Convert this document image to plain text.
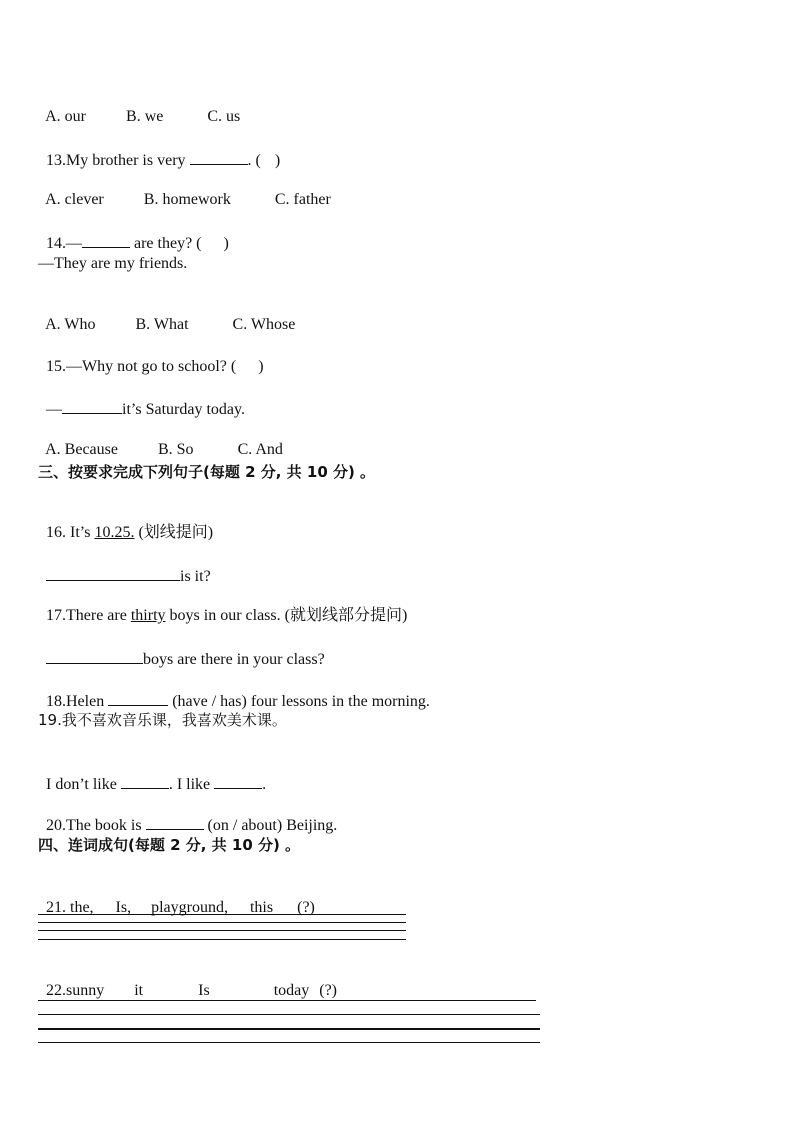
A. our	B. we	C. us

13.My brother is very	. ( )

A. clever	B. homework	C. father

14.—	are they? ( )

—They are my friends.

A. Who	B. What	C. Whose

15.—Why not go to school? ( )

—	it’s Saturday today.

A. Because	B. So	C. And

三、按要求完成下列句子(每题 2 分, 共 10 分) 。

16. It’s 10.25. (划线提问)

is it?

17.There are thirty boys in our class. (就划线部分提问)

boys are there in your class?

18.Helen	(have / has) four lessons in the morning.

19.我不喜欢音乐课，我喜欢美术课。

I don’t like	. I like	.

20.The book is	(on / about) Beijing.

四、连词成句(每题 2 分, 共 10 分) 。

21. the, Is, playground, this (?)

22.sunny it	Is	today (?)
